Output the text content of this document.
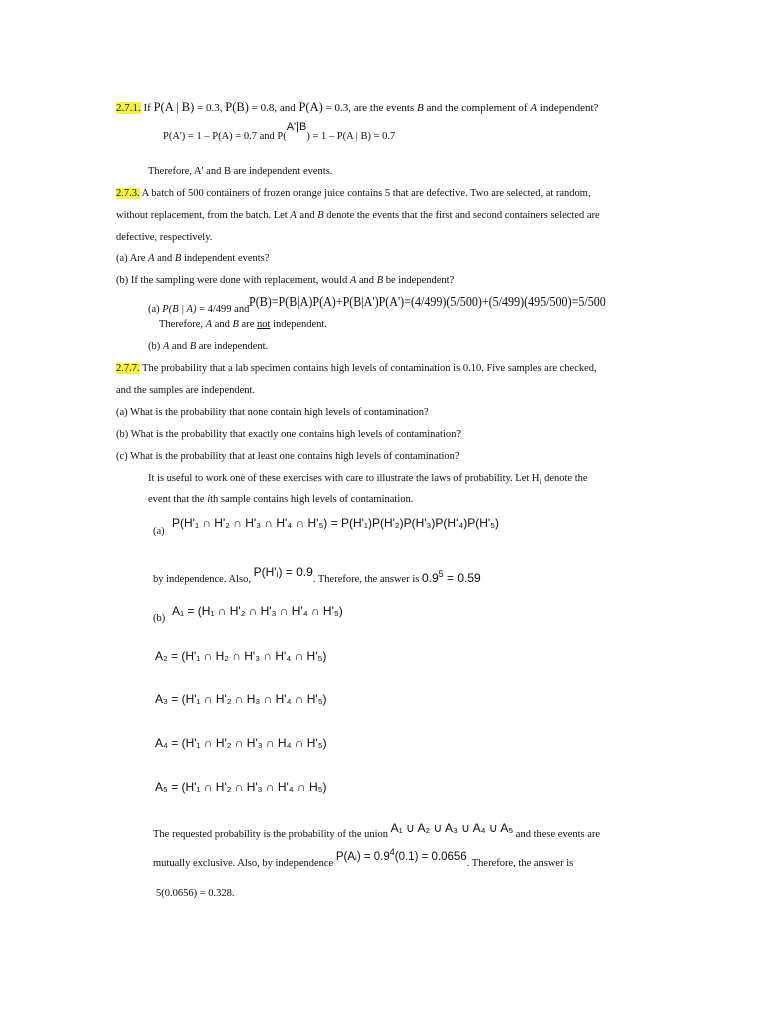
2.7.1. If P(A | B) = 0.3, P(B) = 0.8, and P(A) = 0.3, are the events B and the complement of A independent?
P(A') = 1 – P(A) = 0.7 and P(A'|B) = 1 – P(A | B) = 0.7
Therefore, A' and B are independent events.
2.7.3. A batch of 500 containers of frozen orange juice contains 5 that are defective. Two are selected, at random,
without replacement, from the batch. Let A and B denote the events that the first and second containers selected are
defective, respectively.
(a) Are A and B independent events?
(b) If the sampling were done with replacement, would A and B be independent?
(a) P(B | A) = 4/499 andP(B)=P(B|A)P(A)+P(B|A')P(A')=(4/499)(5/500)+(5/499)(495/500)=5/500
Therefore, A and B are not independent.
(b) A and B are independent.
2.7.7. The probability that a lab specimen contains high levels of contamination is 0.10. Five samples are checked,
and the samples are independent.
(a) What is the probability that none contain high levels of contamination?
(b) What is the probability that exactly one contains high levels of contamination?
(c) What is the probability that at least one contains high levels of contamination?
It is useful to work one of these exercises with care to illustrate the laws of probability. Let $H_i$ denote the
event that the ith sample contains high levels of contamination.
(a)
P(H'₁ ∩ H'₂ ∩ H'₃ ∩ H'₄ ∩ H'₅) = P(H'₁)P(H'₂)P(H'₃)P(H'₄)P(H'₅)
by independence. Also, P(H'ᵢ) = 0.9. Therefore, the answer is $0.9^5 = 0.59$
(b)
A₁ = (H₁ ∩ H'₂ ∩ H'₃ ∩ H'₄ ∩ H'₅)
A₂ = (H'₁ ∩ H₂ ∩ H'₃ ∩ H'₄ ∩ H'₅)
A₃ = (H'₁ ∩ H'₂ ∩ H₃ ∩ H'₄ ∩ H'₅)
A₄ = (H'₁ ∩ H'₂ ∩ H'₃ ∩ H₄ ∩ H'₅)
A₅ = (H'₁ ∩ H'₂ ∩ H'₃ ∩ H'₄ ∩ H₅)
The requested probability is the probability of the union A₁ ∪ A₂ ∪ A₃ ∪ A₄ ∪ A₅ and these events are
mutually exclusive. Also, by independence P(Aᵢ) = $0.9^4(0.1) = 0.0656$. Therefore, the answer is
5(0.0656) = 0.328.
